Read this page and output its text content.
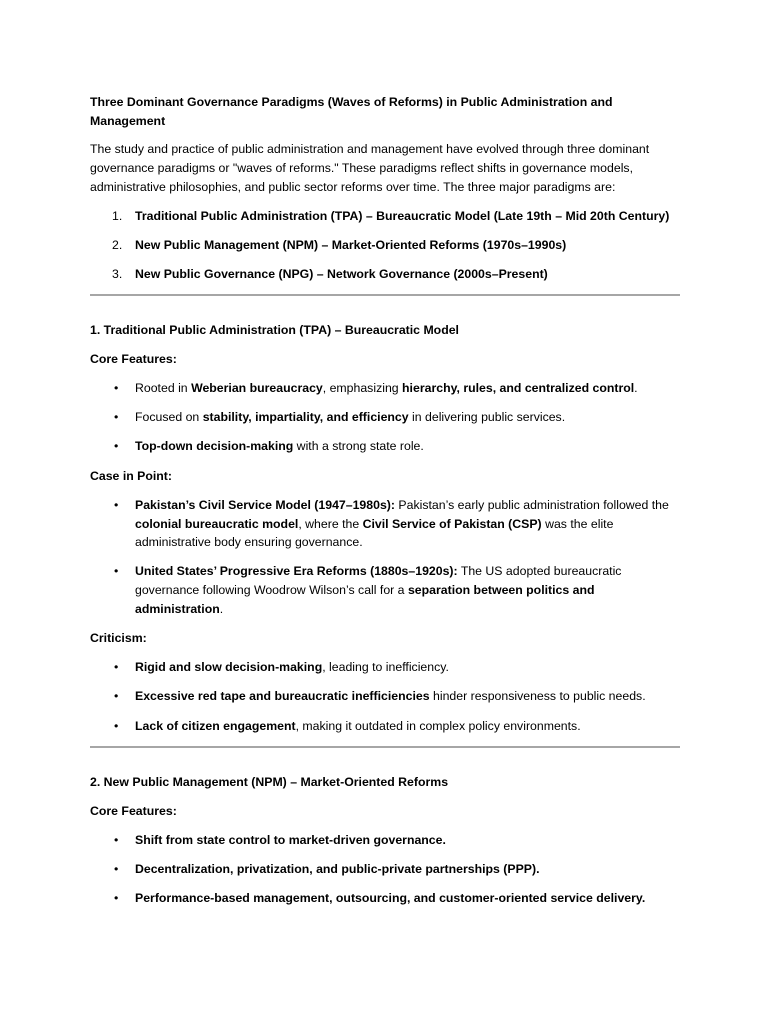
Three Dominant Governance Paradigms (Waves of Reforms) in Public Administration and Management

The study and practice of public administration and management have evolved through three dominant governance paradigms or "waves of reforms." These paradigms reflect shifts in governance models, administrative philosophies, and public sector reforms over time. The three major paradigms are:

1. Traditional Public Administration (TPA) – Bureaucratic Model (Late 19th – Mid 20th Century)
2. New Public Management (NPM) – Market-Oriented Reforms (1970s–1990s)
3. New Public Governance (NPG) – Network Governance (2000s–Present)

1. Traditional Public Administration (TPA) – Bureaucratic Model

Core Features:

• Rooted in Weberian bureaucracy, emphasizing hierarchy, rules, and centralized control.
• Focused on stability, impartiality, and efficiency in delivering public services.
• Top-down decision-making with a strong state role.

Case in Point:

• Pakistan’s Civil Service Model (1947–1980s): Pakistan’s early public administration followed the colonial bureaucratic model, where the Civil Service of Pakistan (CSP) was the elite administrative body ensuring governance.
• United States’ Progressive Era Reforms (1880s–1920s): The US adopted bureaucratic governance following Woodrow Wilson’s call for a separation between politics and administration.

Criticism:

• Rigid and slow decision-making, leading to inefficiency.
• Excessive red tape and bureaucratic inefficiencies hinder responsiveness to public needs.
• Lack of citizen engagement, making it outdated in complex policy environments.

2. New Public Management (NPM) – Market-Oriented Reforms

Core Features:

• Shift from state control to market-driven governance.
• Decentralization, privatization, and public-private partnerships (PPP).
• Performance-based management, outsourcing, and customer-oriented service delivery.
